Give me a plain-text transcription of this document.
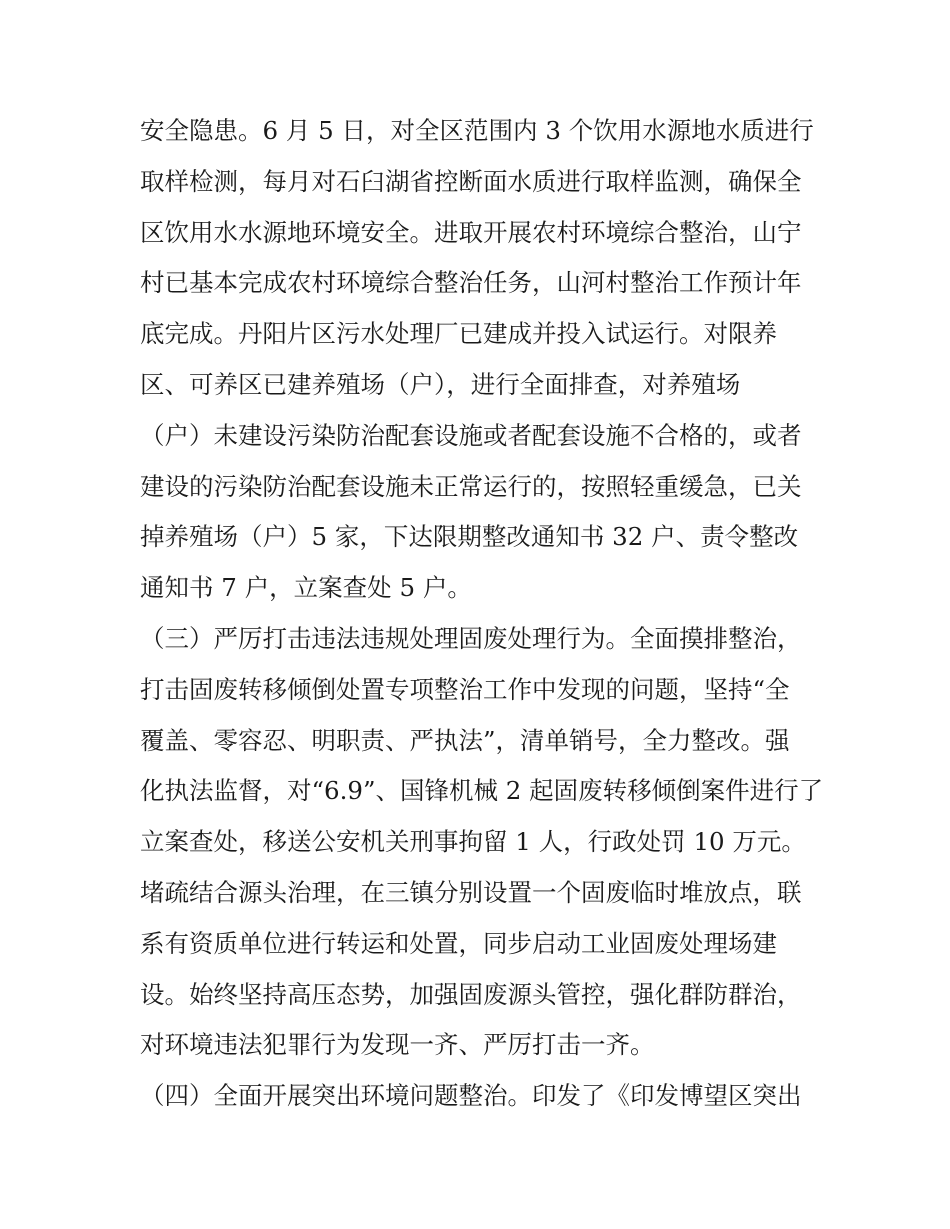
安全隐患。6 月 5 日，对全区范围内 3 个饮用水源地水质进行
取样检测，每月对石臼湖省控断面水质进行取样监测，确保全
区饮用水水源地环境安全。进取开展农村环境综合整治，山宁
村已基本完成农村环境综合整治任务，山河村整治工作预计年
底完成。丹阳片区污水处理厂已建成并投入试运行。对限养
区、可养区已建养殖场（户），进行全面排查，对养殖场
（户）未建设污染防治配套设施或者配套设施不合格的，或者
建设的污染防治配套设施未正常运行的，按照轻重缓急，已关
掉养殖场（户）5 家，下达限期整改通知书 32 户、责令整改
通知书 7 户，立案查处 5 户。
（三）严厉打击违法违规处理固废处理行为。全面摸排整治，
打击固废转移倾倒处置专项整治工作中发现的问题，坚持“全
覆盖、零容忍、明职责、严执法”，清单销号，全力整改。强
化执法监督，对“6.9”、国锋机械 2 起固废转移倾倒案件进行了
立案查处，移送公安机关刑事拘留 1 人，行政处罚 10 万元。
堵疏结合源头治理，在三镇分别设置一个固废临时堆放点，联
系有资质单位进行转运和处置，同步启动工业固废处理场建
设。始终坚持高压态势，加强固废源头管控，强化群防群治，
对环境违法犯罪行为发现一齐、严厉打击一齐。
（四）全面开展突出环境问题整治。印发了《印发博望区突出
